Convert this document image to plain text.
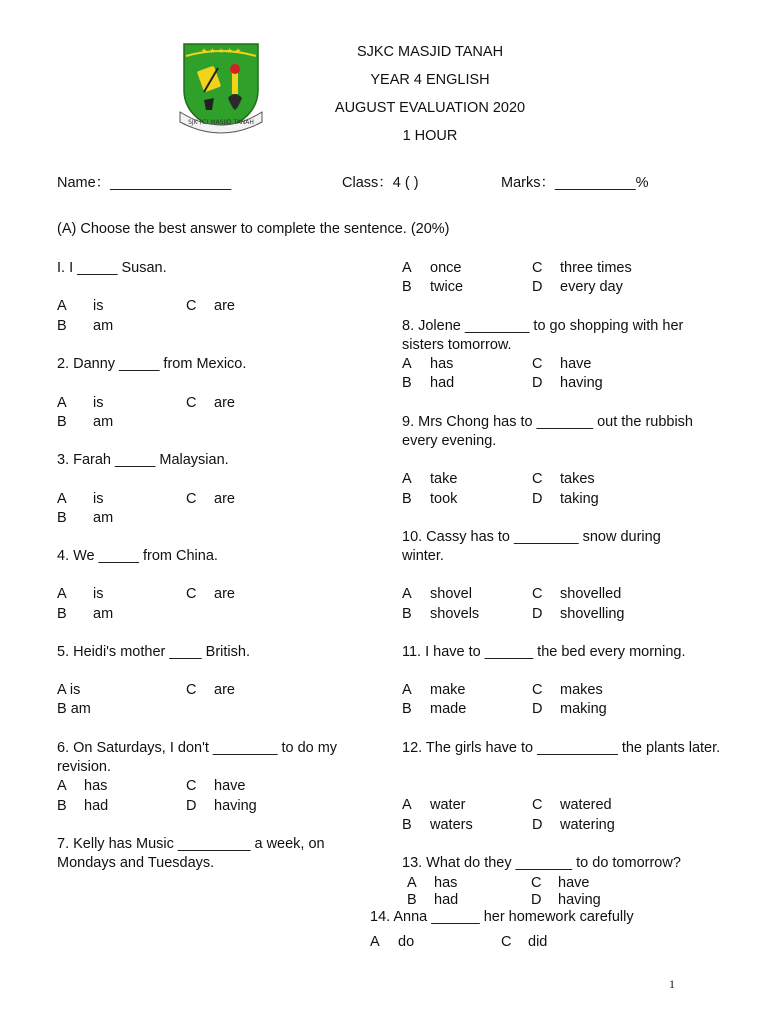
★ ★ ★ ★ ★
SJK (C) MASJID TANAH
SJKC MASJID TANAH
YEAR 4 ENGLISH
AUGUST EVALUATION 2020
1 HOUR
Name：_______________	Class：4 ( )	Marks：__________%
(A) Choose the best answer to complete the sentence. (20%)
I. I _____ Susan.
A is	C are
B am
2. Danny _____ from Mexico.
A is	C are
B am
3. Farah _____ Malaysian.
A is	C are
B am
4. We _____ from China.
A is	C are
B am
5. Heidi's mother ____ British.
A is	C are
B am
6. On Saturdays, I don't ________ to do my revision.
A has	C have
B had	D having
7. Kelly has Music _________ a week, on Mondays and Tuesdays.
A once	C three times
B twice	D every day
8. Jolene ________ to go shopping with her sisters tomorrow.
A has	C have
B had	D having
9. Mrs Chong has to _______ out the rubbish every evening.
A take	C takes
B took	D taking
10. Cassy has to ________ snow during winter.
A shovel	C shovelled
B shovels	D shovelling
11. I have to ______ the bed every morning.
A make	C makes
B made	D making
12. The girls have to __________ the plants later.
A water	C watered
B waters	D watering
13. What do they _______ to do tomorrow?
A has	C have
B had	D having
14. Anna ______ her homework carefully
A do	C did
1
